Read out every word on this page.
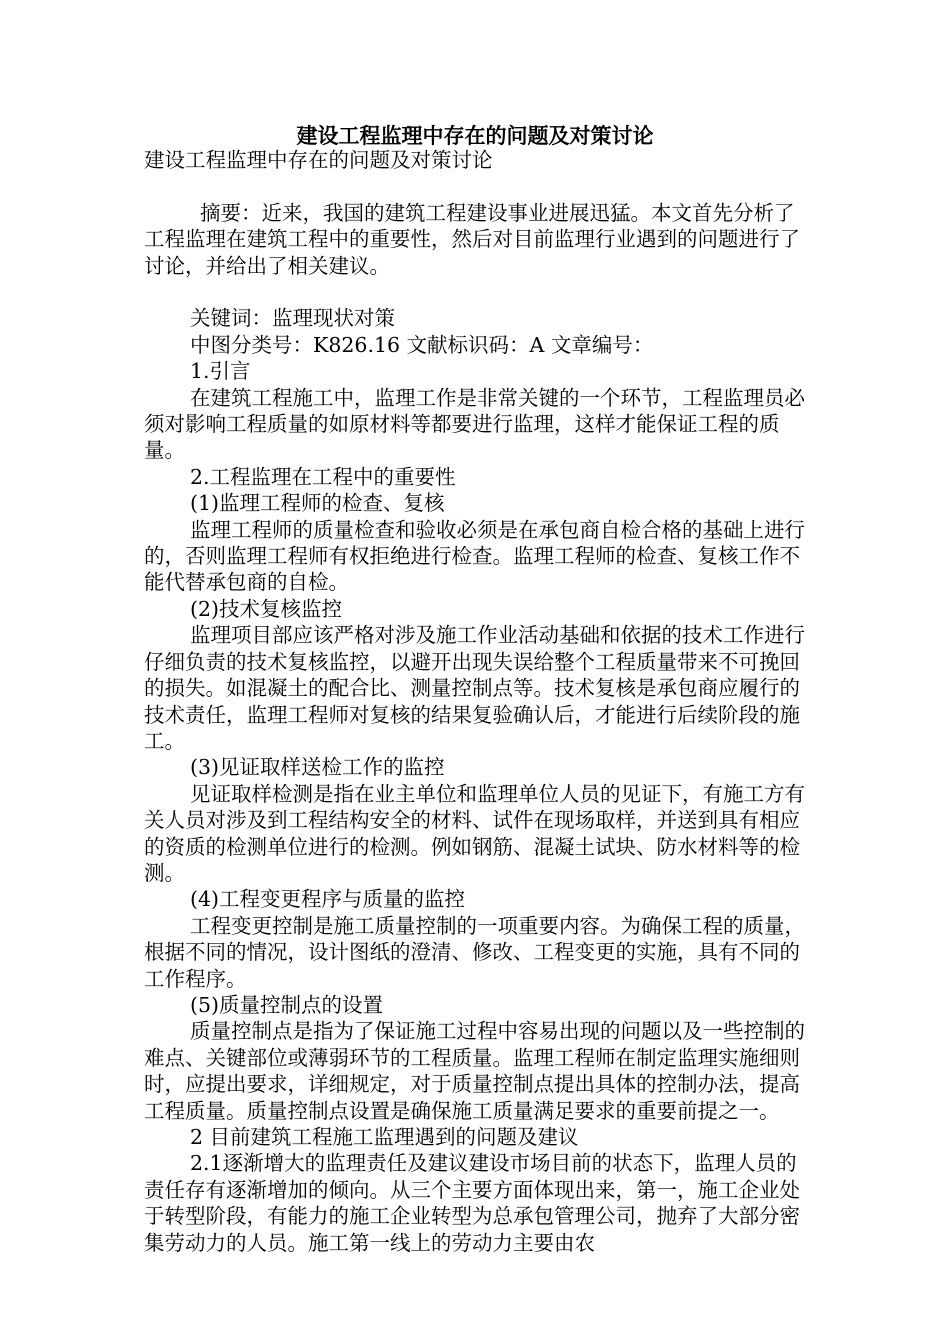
建设工程监理中存在的问题及对策讨论

建设工程监理中存在的问题及对策讨论

摘要：近来，我国的建筑工程建设事业进展迅猛。本文首先分析了工程监理在建筑工程中的重要性，然后对目前监理行业遇到的问题进行了讨论，并给出了相关建议。

关键词：监理现状对策

中图分类号：K826.16 文献标识码：A 文章编号：

1.引言

在建筑工程施工中，监理工作是非常关键的一个环节，工程监理员必须对影响工程质量的如原材料等都要进行监理，这样才能保证工程的质量。

2.工程监理在工程中的重要性

(1)监理工程师的检查、复核

监理工程师的质量检查和验收必须是在承包商自检合格的基础上进行的，否则监理工程师有权拒绝进行检查。监理工程师的检查、复核工作不能代替承包商的自检。

(2)技术复核监控

监理项目部应该严格对涉及施工作业活动基础和依据的技术工作进行仔细负责的技术复核监控，以避开出现失误给整个工程质量带来不可挽回的损失。如混凝土的配合比、测量控制点等。技术复核是承包商应履行的技术责任，监理工程师对复核的结果复验确认后，才能进行后续阶段的施工。

(3)见证取样送检工作的监控

见证取样检测是指在业主单位和监理单位人员的见证下，有施工方有关人员对涉及到工程结构安全的材料、试件在现场取样，并送到具有相应的资质的检测单位进行的检测。例如钢筋、混凝土试块、防水材料等的检测。

(4)工程变更程序与质量的监控

工程变更控制是施工质量控制的一项重要内容。为确保工程的质量，根据不同的情况，设计图纸的澄清、修改、工程变更的实施，具有不同的工作程序。

(5)质量控制点的设置

质量控制点是指为了保证施工过程中容易出现的问题以及一些控制的难点、关键部位或薄弱环节的工程质量。监理工程师在制定监理实施细则时，应提出要求，详细规定，对于质量控制点提出具体的控制办法，提高工程质量。质量控制点设置是确保施工质量满足要求的重要前提之一。

2 目前建筑工程施工监理遇到的问题及建议

2.1逐渐增大的监理责任及建议建设市场目前的状态下，监理人员的责任存有逐渐增加的倾向。从三个主要方面体现出来，第一，施工企业处于转型阶段，有能力的施工企业转型为总承包管理公司，抛弃了大部分密集劳动力的人员。施工第一线上的劳动力主要由农
